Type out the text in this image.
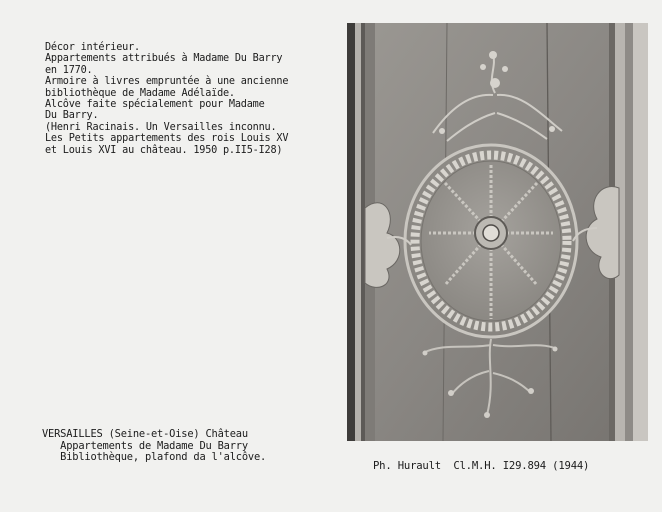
Décor intérieur.
Appartements attribués à Madame Du Barry
en 1770.
Armoire à livres empruntée à une ancienne
bibliothèque de Madame Adélaïde.
Alcôve faite spécialement pour Madame
Du Barry.
(Henri Racinais. Un Versailles inconnu.
Les Petits appartements des rois Louis XV
et Louis XVI au château. 1950 p.II5-I28)
VERSAILLES (Seine-et-Oise) Château
Appartements de Madame Du Barry
Bibliothèque, plafond da l'alcôve.
Ph. Hurault  Cl.M.H. I29.894 (1944)
